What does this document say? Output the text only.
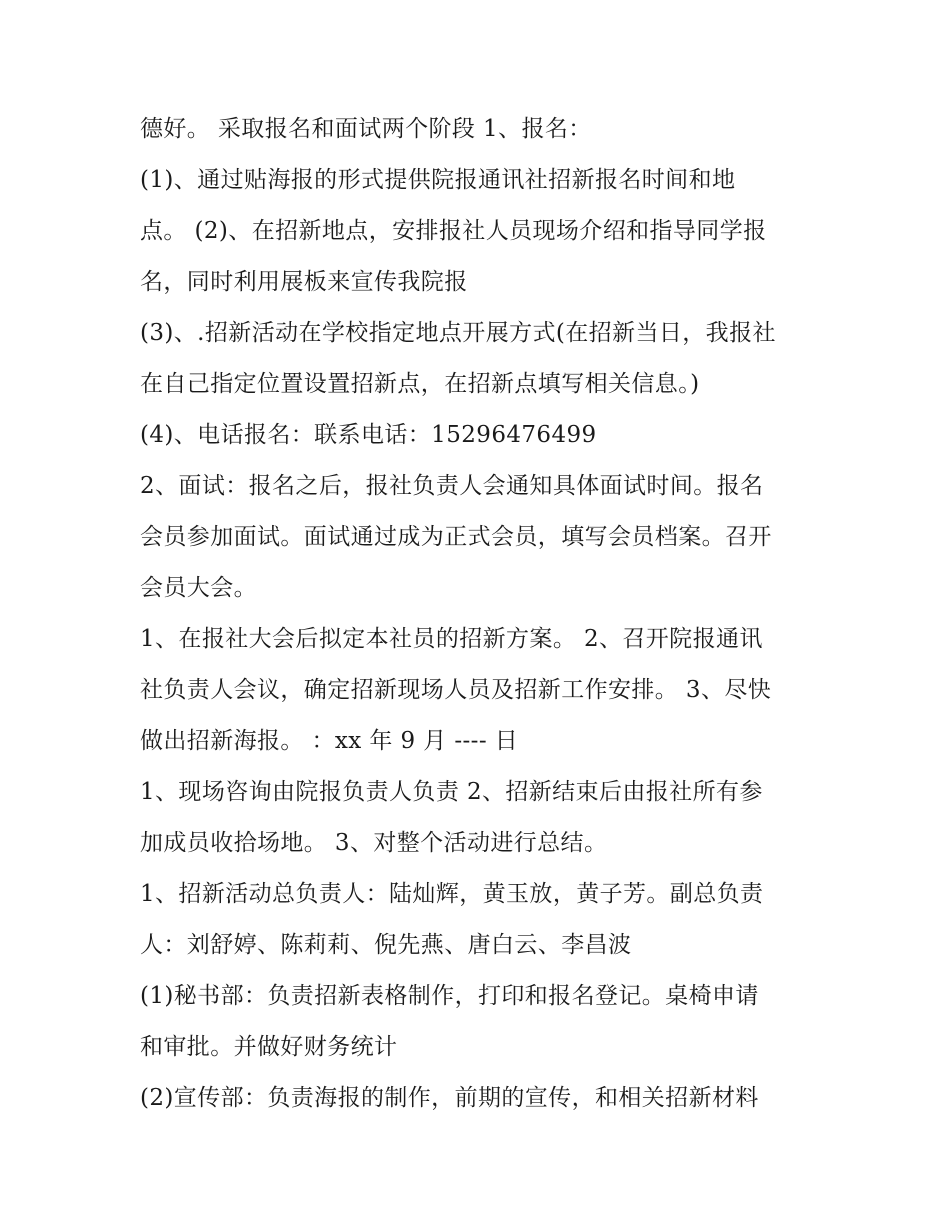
德好。 采取报名和面试两个阶段 1、报名：
(1)、通过贴海报的形式提供院报通讯社招新报名时间和地
点。 (2)、在招新地点，安排报社人员现场介绍和指导同学报
名，同时利用展板来宣传我院报
(3)、.招新活动在学校指定地点开展方式(在招新当日，我报社
在自己指定位置设置招新点，在招新点填写相关信息。)
(4)、电话报名：联系电话：15296476499
2、面试：报名之后，报社负责人会通知具体面试时间。报名
会员参加面试。面试通过成为正式会员，填写会员档案。召开
会员大会。
1、在报社大会后拟定本社员的招新方案。 2、召开院报通讯
社负责人会议，确定招新现场人员及招新工作安排。 3、尽快
做出招新海报。 ：xx 年 9 月 ---- 日
1、现场咨询由院报负责人负责 2、招新结束后由报社所有参
加成员收拾场地。 3、对整个活动进行总结。
1、招新活动总负责人：陆灿辉，黄玉放，黄子芳。副总负责
人：刘舒婷、陈莉莉、倪先燕、唐白云、李昌波
(1)秘书部：负责招新表格制作，打印和报名登记。桌椅申请
和审批。并做好财务统计
(2)宣传部：负责海报的制作，前期的宣传，和相关招新材料
